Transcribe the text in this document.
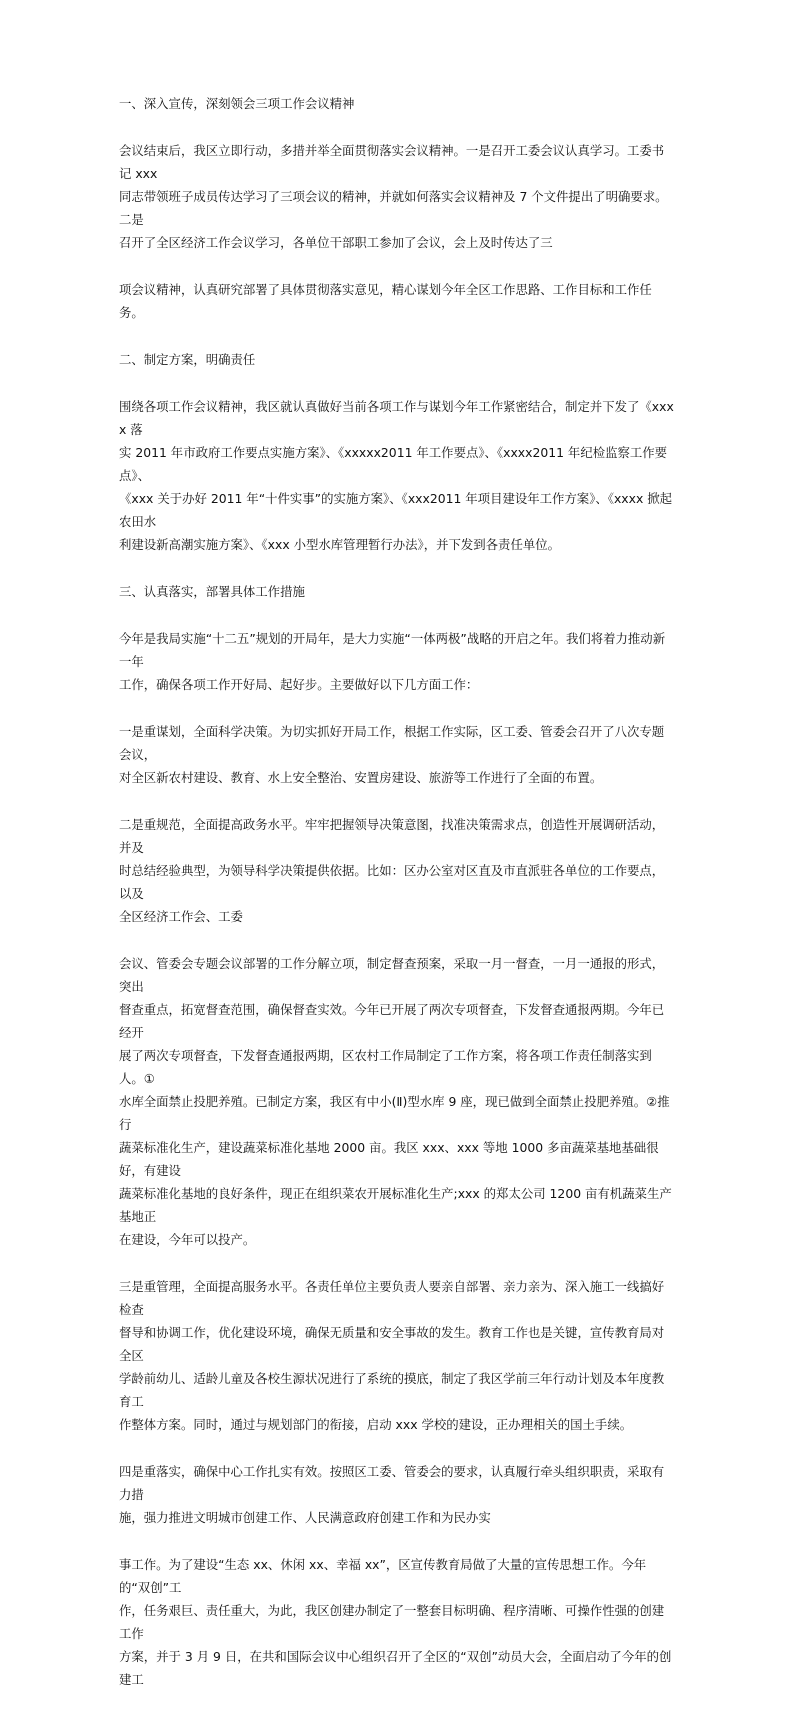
一、深入宣传，深刻领会三项工作会议精神

会议结束后，我区立即行动，多措并举全面贯彻落实会议精神。一是召开工委会议认真学习。工委书记 xxx
同志带领班子成员传达学习了三项会议的精神，并就如何落实会议精神及 7 个文件提出了明确要求。二是
召开了全区经济工作会议学习，各单位干部职工参加了会议，会上及时传达了三

项会议精神，认真研究部署了具体贯彻落实意见，精心谋划今年全区工作思路、工作目标和工作任务。

二、制定方案，明确责任

围绕各项工作会议精神，我区就认真做好当前各项工作与谋划今年工作紧密结合，制定并下发了《xxxx 落
实 2011 年市政府工作要点实施方案》、《xxxxx2011 年工作要点》、《xxxx2011 年纪检监察工作要点》、
《xxx 关于办好 2011 年“十件实事”的实施方案》、《xxx2011 年项目建设年工作方案》、《xxxx 掀起农田水
利建设新高潮实施方案》、《xxx 小型水库管理暂行办法》，并下发到各责任单位。

三、认真落实，部署具体工作措施

今年是我局实施“十二五”规划的开局年，是大力实施“一体两极”战略的开启之年。我们将着力推动新一年
工作，确保各项工作开好局、起好步。主要做好以下几方面工作：

一是重谋划，全面科学决策。为切实抓好开局工作，根据工作实际，区工委、管委会召开了八次专题会议，
对全区新农村建设、教育、水上安全整治、安置房建设、旅游等工作进行了全面的布置。

二是重规范，全面提高政务水平。牢牢把握领导决策意图，找准决策需求点，创造性开展调研活动，并及
时总结经验典型，为领导科学决策提供依据。比如：区办公室对区直及市直派驻各单位的工作要点，以及
全区经济工作会、工委

会议、管委会专题会议部署的工作分解立项，制定督查预案，采取一月一督查，一月一通报的形式，突出
督查重点，拓宽督查范围，确保督查实效。今年已开展了两次专项督查，下发督查通报两期。今年已经开
展了两次专项督查，下发督查通报两期，区农村工作局制定了工作方案，将各项工作责任制落实到人。①
水库全面禁止投肥养殖。已制定方案，我区有中小(Ⅱ)型水库 9 座，现已做到全面禁止投肥养殖。②推行
蔬菜标准化生产，建设蔬菜标准化基地 2000 亩。我区 xxx、xxx 等地 1000 多亩蔬菜基地基础很好，有建设
蔬菜标准化基地的良好条件，现正在组织菜农开展标准化生产;xxx 的郑太公司 1200 亩有机蔬菜生产基地正
在建设，今年可以投产。

三是重管理，全面提高服务水平。各责任单位主要负责人要亲自部署、亲力亲为、深入施工一线搞好检查
督导和协调工作，优化建设环境，确保无质量和安全事故的发生。教育工作也是关键，宣传教育局对全区
学龄前幼儿、适龄儿童及各校生源状况进行了系统的摸底，制定了我区学前三年行动计划及本年度教育工
作整体方案。同时，通过与规划部门的衔接，启动 xxx 学校的建设，正办理相关的国土手续。

四是重落实，确保中心工作扎实有效。按照区工委、管委会的要求，认真履行牵头组织职责，采取有力措
施，强力推进文明城市创建工作、人民满意政府创建工作和为民办实

事工作。为了建设“生态 xx、休闲 xx、幸福 xx”，区宣传教育局做了大量的宣传思想工作。今年的“双创”工
作，任务艰巨、责任重大，为此，我区创建办制定了一整套目标明确、程序清晰、可操作性强的创建工作
方案，并于 3 月 9 日，在共和国际会议中心组织召开了全区的“双创”动员大会，全面启动了今年的创建工
